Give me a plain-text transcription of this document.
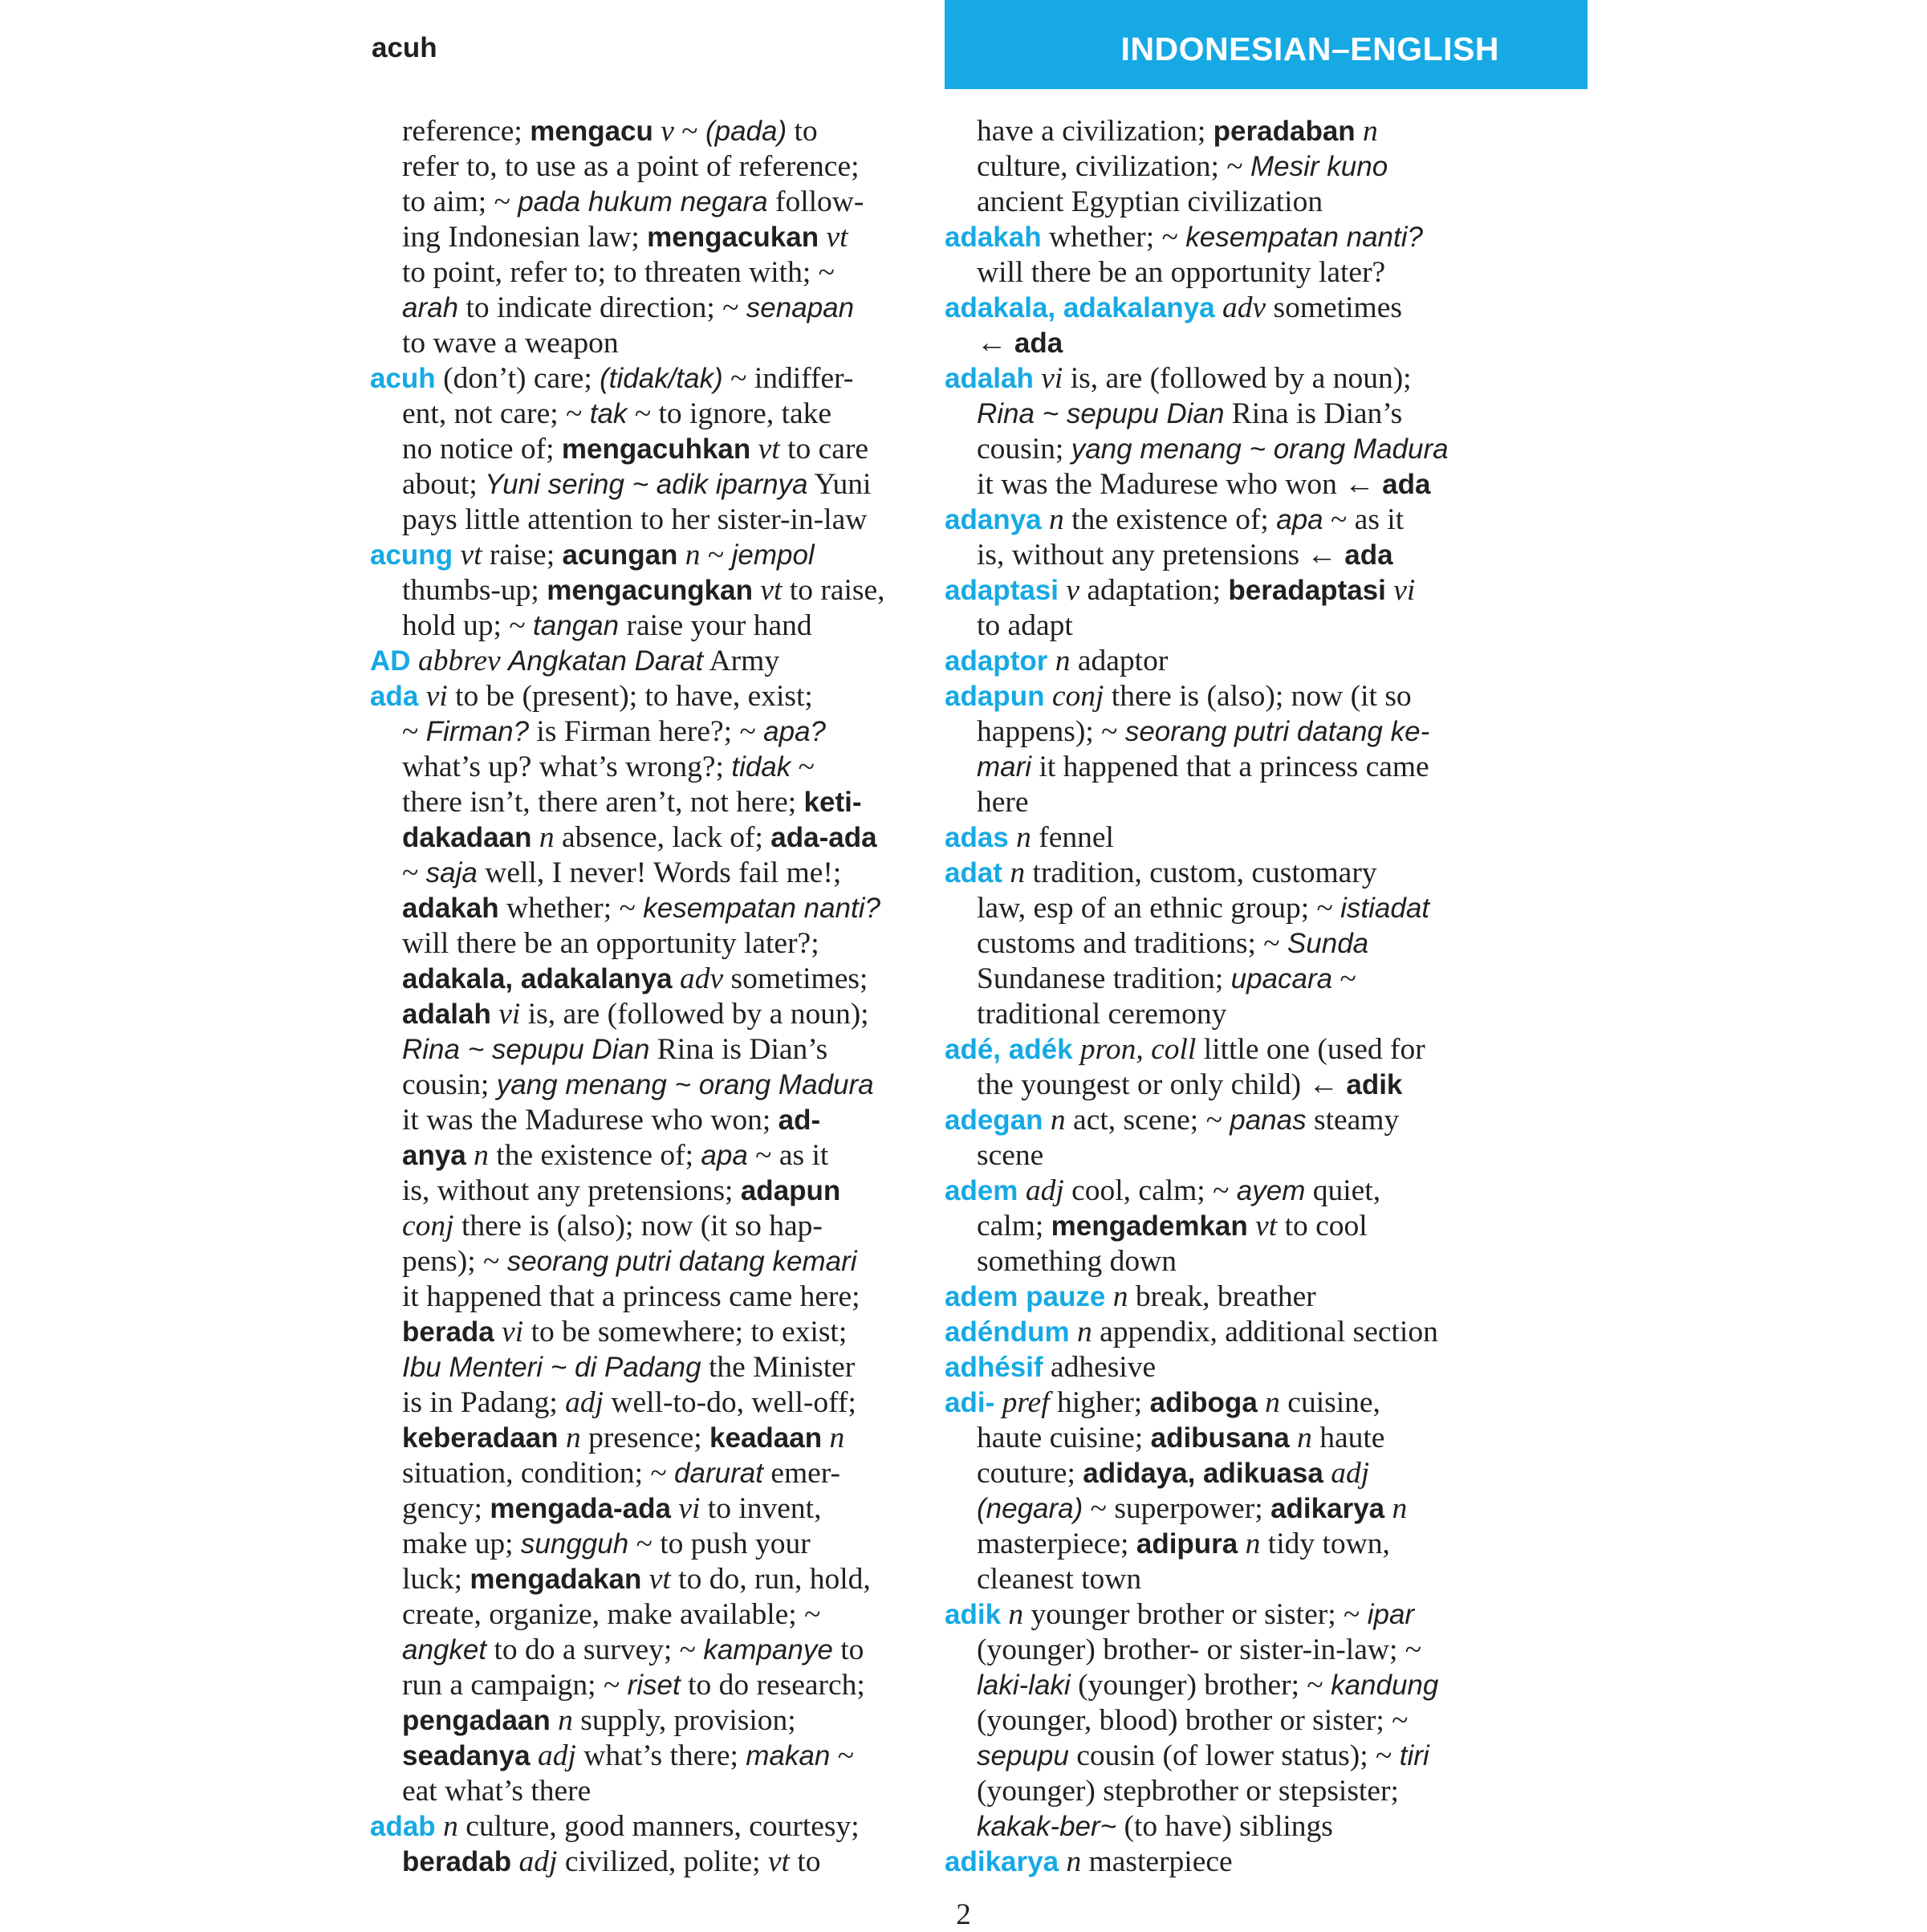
acuh	INDONESIAN–ENGLISH
reference; mengacu v ~ (pada) to
refer to, to use as a point of reference;
to aim; ~ pada hukum negara follow-
ing Indonesian law; mengacukan vt
to point, refer to; to threaten with; ~
arah to indicate direction; ~ senapan
to wave a weapon
acuh (don’t) care; (tidak/tak) ~ indiffer-
ent, not care; ~ tak ~ to ignore, take
no notice of; mengacuhkan vt to care
about; Yuni sering ~ adik iparnya Yuni
pays little attention to her sister-in-law
acung vt raise; acungan n ~ jempol
thumbs-up; mengacungkan vt to raise,
hold up; ~ tangan raise your hand
AD abbrev Angkatan Darat Army
ada vi to be (present); to have, exist;
~ Firman? is Firman here?; ~ apa?
what’s up? what’s wrong?; tidak ~
there isn’t, there aren’t, not here; keti-
dakadaan n absence, lack of; ada-ada
~ saja well, I never! Words fail me!;
adakah whether; ~ kesempatan nanti?
will there be an opportunity later?;
adakala, adakalanya adv sometimes;
adalah vi is, are (followed by a noun);
Rina ~ sepupu Dian Rina is Dian’s
cousin; yang menang ~ orang Madura
it was the Madurese who won; ad-
anya n the existence of; apa ~ as it
is, without any pretensions; adapun
conj there is (also); now (it so hap-
pens); ~ seorang putri datang kemari
it happened that a princess came here;
berada vi to be somewhere; to exist;
Ibu Menteri ~ di Padang the Minister
is in Padang; adj well-to-do, well-off;
keberadaan n presence; keadaan n
situation, condition; ~ darurat emer-
gency; mengada-ada vi to invent,
make up; sungguh ~ to push your
luck; mengadakan vt to do, run, hold,
create, organize, make available; ~
angket to do a survey; ~ kampanye to
run a campaign; ~ riset to do research;
pengadaan n supply, provision;
seadanya adj what’s there; makan ~
eat what’s there
adab n culture, good manners, courtesy;
beradab adj civilized, polite; vt to
have a civilization; peradaban n
culture, civilization; ~ Mesir kuno
ancient Egyptian civilization
adakah whether; ~ kesempatan nanti?
will there be an opportunity later?
adakala, adakalanya adv sometimes
← ada
adalah vi is, are (followed by a noun);
Rina ~ sepupu Dian Rina is Dian’s
cousin; yang menang ~ orang Madura
it was the Madurese who won ← ada
adanya n the existence of; apa ~ as it
is, without any pretensions ← ada
adaptasi v adaptation; beradaptasi vi
to adapt
adaptor n adaptor
adapun conj there is (also); now (it so
happens); ~ seorang putri datang ke-
mari it happened that a princess came
here
adas n fennel
adat n tradition, custom, customary
law, esp of an ethnic group; ~ istiadat
customs and traditions; ~ Sunda
Sundanese tradition; upacara ~
traditional ceremony
adé, adék pron, coll little one (used for
the youngest or only child) ← adik
adegan n act, scene; ~ panas steamy
scene
adem adj cool, calm; ~ ayem quiet,
calm; mengademkan vt to cool
something down
adem pauze n break, breather
adéndum n appendix, additional section
adhésif adhesive
adi- pref higher; adiboga n cuisine,
haute cuisine; adibusana n haute
couture; adidaya, adikuasa adj
(negara) ~ superpower; adikarya n
masterpiece; adipura n tidy town,
cleanest town
adik n younger brother or sister; ~ ipar
(younger) brother- or sister-in-law; ~
laki-laki (younger) brother; ~ kandung
(younger, blood) brother or sister; ~
sepupu cousin (of lower status); ~ tiri
(younger) stepbrother or stepsister;
kakak-ber~ (to have) siblings
adikarya n masterpiece
2
